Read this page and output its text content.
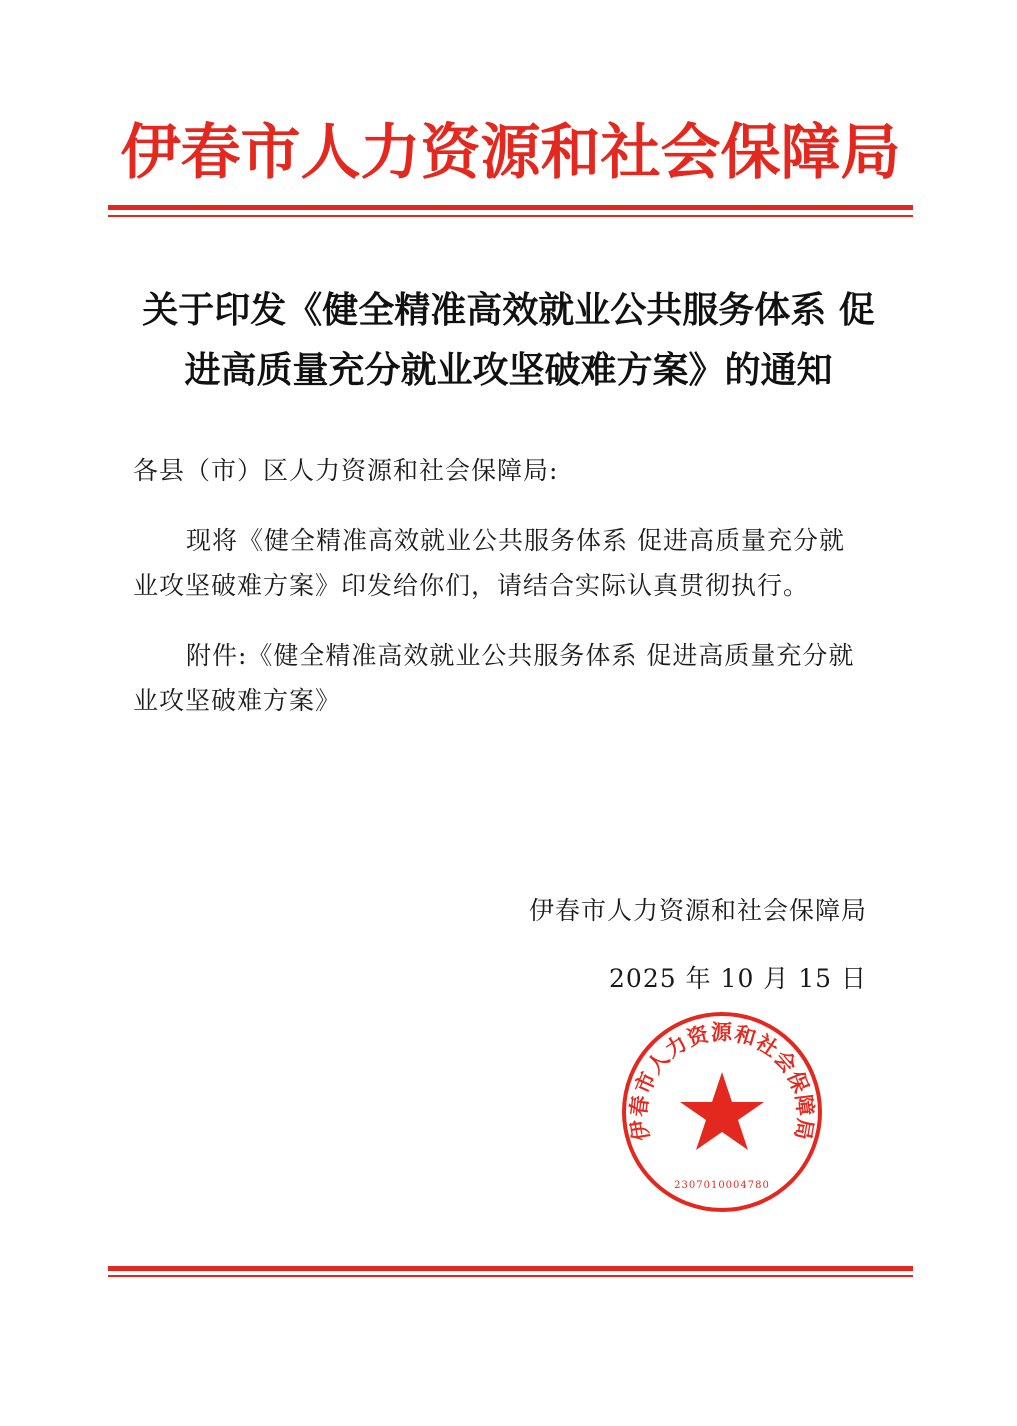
伊春市人力资源和社会保障局
关于印发《健全精准高效就业公共服务体系 促
进高质量充分就业攻坚破难方案》的通知
各县（市）区人力资源和社会保障局:
现将《健全精准高效就业公共服务体系 促进高质量充分就
业攻坚破难方案》印发给你们，请结合实际认真贯彻执行。
附件:《健全精准高效就业公共服务体系 促进高质量充分就
业攻坚破难方案》
伊春市人力资源和社会保障局
2025 年 10 月 15 日
伊春市人力资源和社会保障局
2307010004780
